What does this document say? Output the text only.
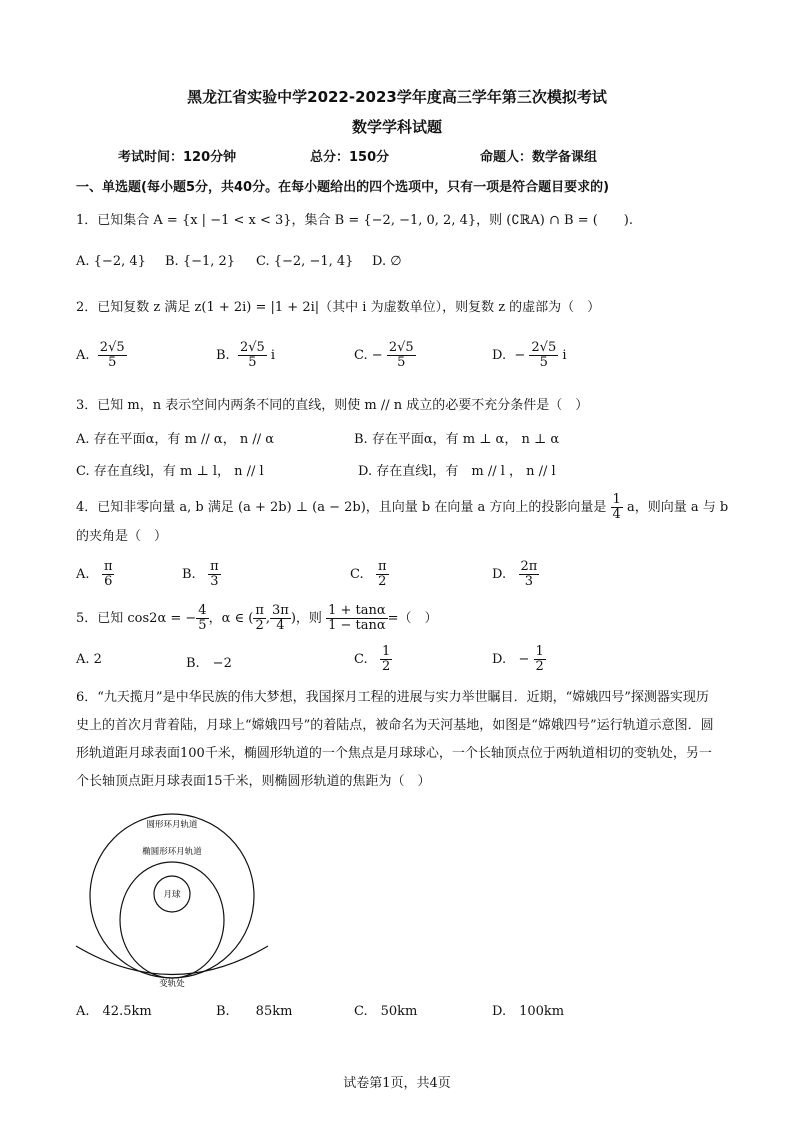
黑龙江省实验中学2022-2023学年度高三学年第三次模拟考试
数学学科试题
考试时间：120分钟	总分：150分	命题人：数学备课组
一、单选题(每小题5分，共40分。在每小题给出的四个选项中，只有一项是符合题目要求的)
1．已知集合 A = {x | −1 < x < 3}，集合 B = {−2, −1, 0, 2, 4}，则 (∁ℝA) ∩ B = (　　).
A. {−2, 4} B. {−1, 2} C. {−2, −1, 4} D. ∅
2．已知复数 z 满足 z(1 + 2i) = |1 + 2i|（其中 i 为虚数单位），则复数 z 的虚部为（　）
A. $\frac{2√5}{5}$	B. $\frac{2√5}{5}$ i	C. − $\frac{2√5}{5}$	D. − $\frac{2√5}{5}$ i
3．已知 m，n 表示空间内两条不同的直线，则使 m // n 成立的必要不充分条件是（　）
A. 存在平面α，有 m // α， n // α	B. 存在平面α，有 m ⊥ α， n ⊥ α
C. 存在直线l，有 m ⊥ l， n // l	D. 存在直线l，有　m // l ， n // l
4．已知非零向量 a, b 满足 (a + 2b) ⊥ (a − 2b)，且向量 b 在向量 a 方向上的投影向量是 $\frac{1}{4}$ a，则向量 a 与 b
的夹角是（　）
A. $\frac{\pi}{6}$	B. $\frac{\pi}{3}$	C. $\frac{\pi}{2}$	D. $\frac{2\pi}{3}$
5．已知 cos2α = − $\frac{4}{5}$ ，α ∈ ( $\frac{\pi}{2}$ , $\frac{3\pi}{4}$ )，则 $\frac{1 + \tan\alpha}{1 - \tan\alpha}$ =（　）
A. 2	B.　−2	C. $\frac{1}{2}$	D. − $\frac{1}{2}$
6．“九天揽月”是中华民族的伟大梦想，我国探月工程的进展与实力举世瞩目．近期，“嫦娥四号”探测器实现历史上的首次月背着陆，月球上“嫦娥四号”的着陆点，被命名为天河基地，如图是“嫦娥四号”运行轨道示意图．圆形轨道距月球表面100千米，椭圆形轨道的一个焦点是月球球心，一个长轴顶点位于两轨道相切的变轨处，另一个长轴顶点距月球表面15千米，则椭圆形轨道的焦距为（　）
圆形环月轨道
椭圆形环月轨道
月球
变轨处
A.　42.5km	B.　　85km	C.　50km	D.　100km
试卷第1页，共4页
